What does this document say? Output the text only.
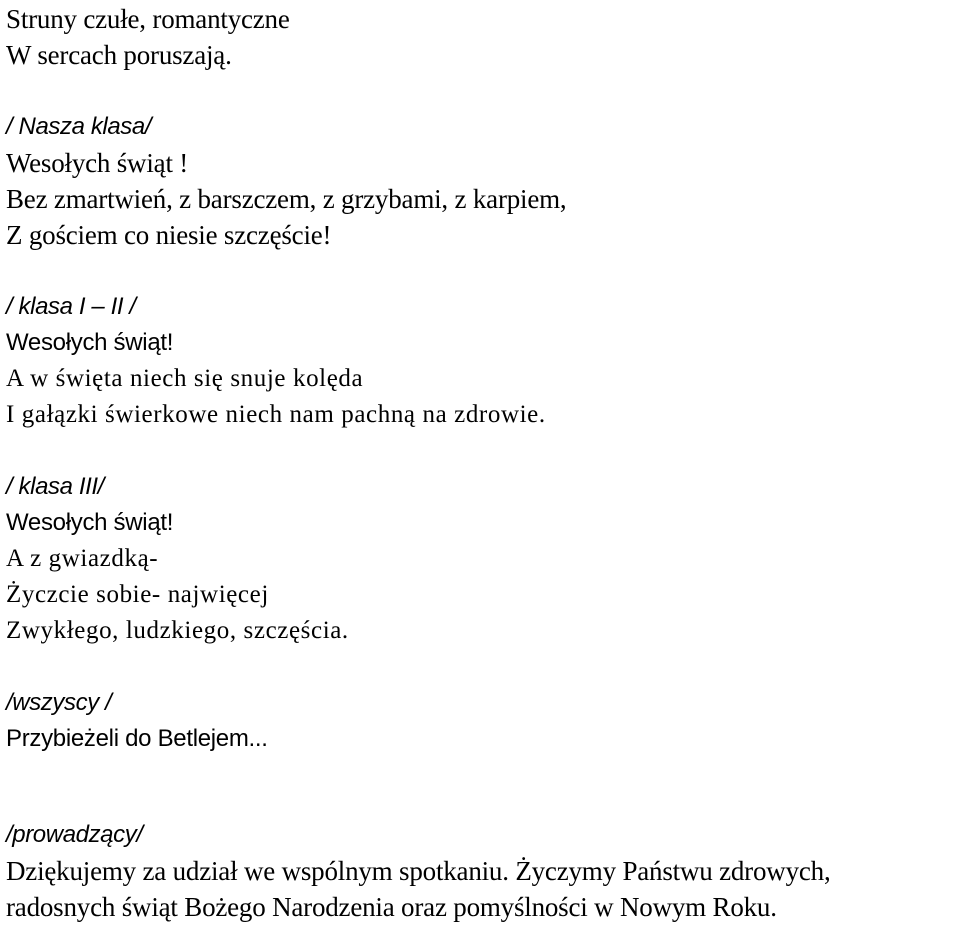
Struny czułe, romantyczne
W sercach poruszają.
/ Nasza klasa/
Wesołych świąt !
Bez zmartwień, z barszczem, z grzybami, z karpiem,
Z gościem co niesie szczęście!
/ klasa I – II /
Wesołych świąt!
A w święta niech się snuje kolęda
I gałązki świerkowe niech nam pachną na zdrowie.
/ klasa III/
Wesołych świąt!
A z gwiazdką-
Życzcie sobie- najwięcej
Zwykłego, ludzkiego, szczęścia.
/wszyscy /
Przybieżeli do Betlejem...
/prowadzący/
Dziękujemy za udział we wspólnym spotkaniu. Życzymy Państwu zdrowych,
radosnych świąt Bożego Narodzenia oraz pomyślności w Nowym Roku.
